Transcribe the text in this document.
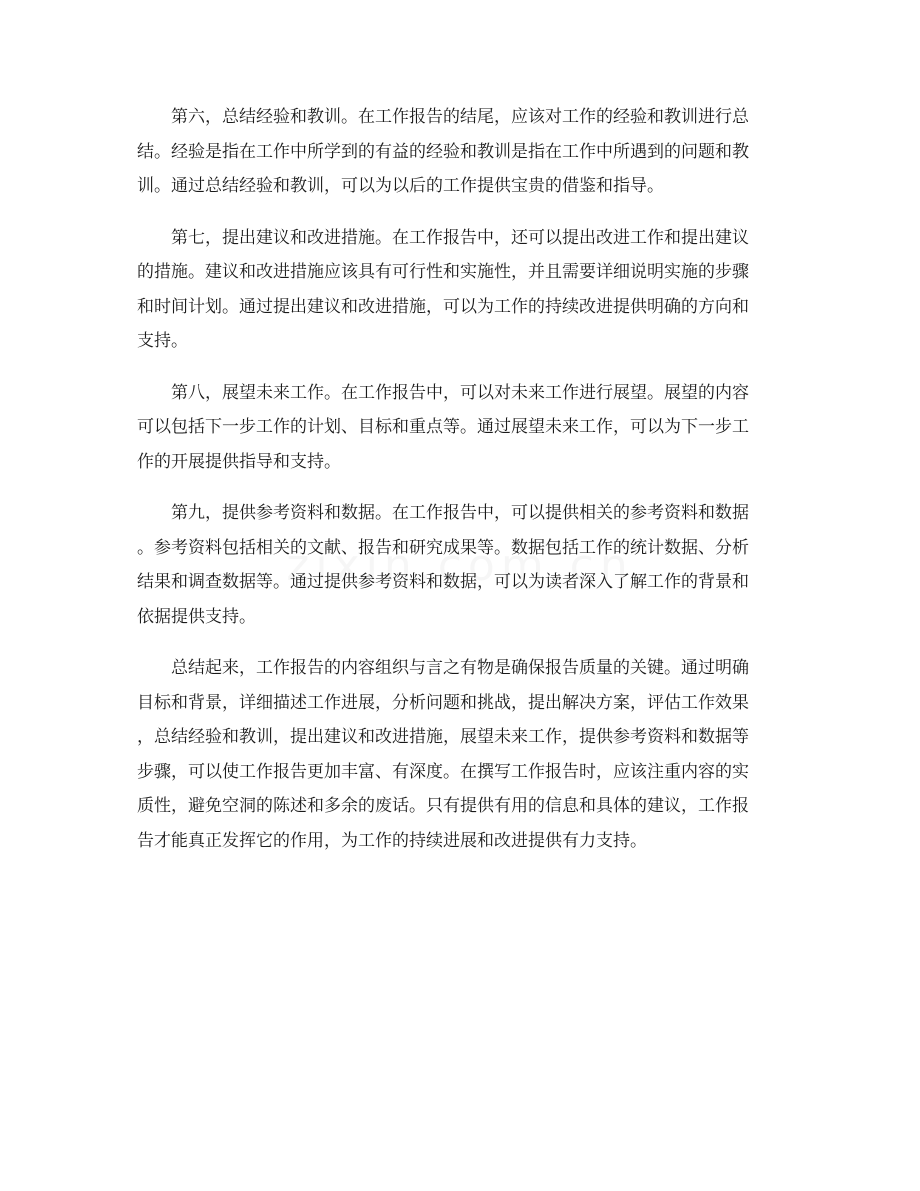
　　第六，总结经验和教训。在工作报告的结尾，应该对工作的经验和教训进行总
结。经验是指在工作中所学到的有益的经验和教训是指在工作中所遇到的问题和教
训。通过总结经验和教训，可以为以后的工作提供宝贵的借鉴和指导。
　　第七，提出建议和改进措施。在工作报告中，还可以提出改进工作和提出建议
的措施。建议和改进措施应该具有可行性和实施性，并且需要详细说明实施的步骤
和时间计划。通过提出建议和改进措施，可以为工作的持续改进提供明确的方向和
支持。
　　第八，展望未来工作。在工作报告中，可以对未来工作进行展望。展望的内容
可以包括下一步工作的计划、目标和重点等。通过展望未来工作，可以为下一步工
作的开展提供指导和支持。
　　第九，提供参考资料和数据。在工作报告中，可以提供相关的参考资料和数据
。参考资料包括相关的文献、报告和研究成果等。数据包括工作的统计数据、分析
结果和调查数据等。通过提供参考资料和数据，可以为读者深入了解工作的背景和
依据提供支持。
　　总结起来，工作报告的内容组织与言之有物是确保报告质量的关键。通过明确
目标和背景，详细描述工作进展，分析问题和挑战，提出解决方案，评估工作效果
，总结经验和教训，提出建议和改进措施，展望未来工作，提供参考资料和数据等
步骤，可以使工作报告更加丰富、有深度。在撰写工作报告时，应该注重内容的实
质性，避免空洞的陈述和多余的废话。只有提供有用的信息和具体的建议，工作报
告才能真正发挥它的作用，为工作的持续进展和改进提供有力支持。
